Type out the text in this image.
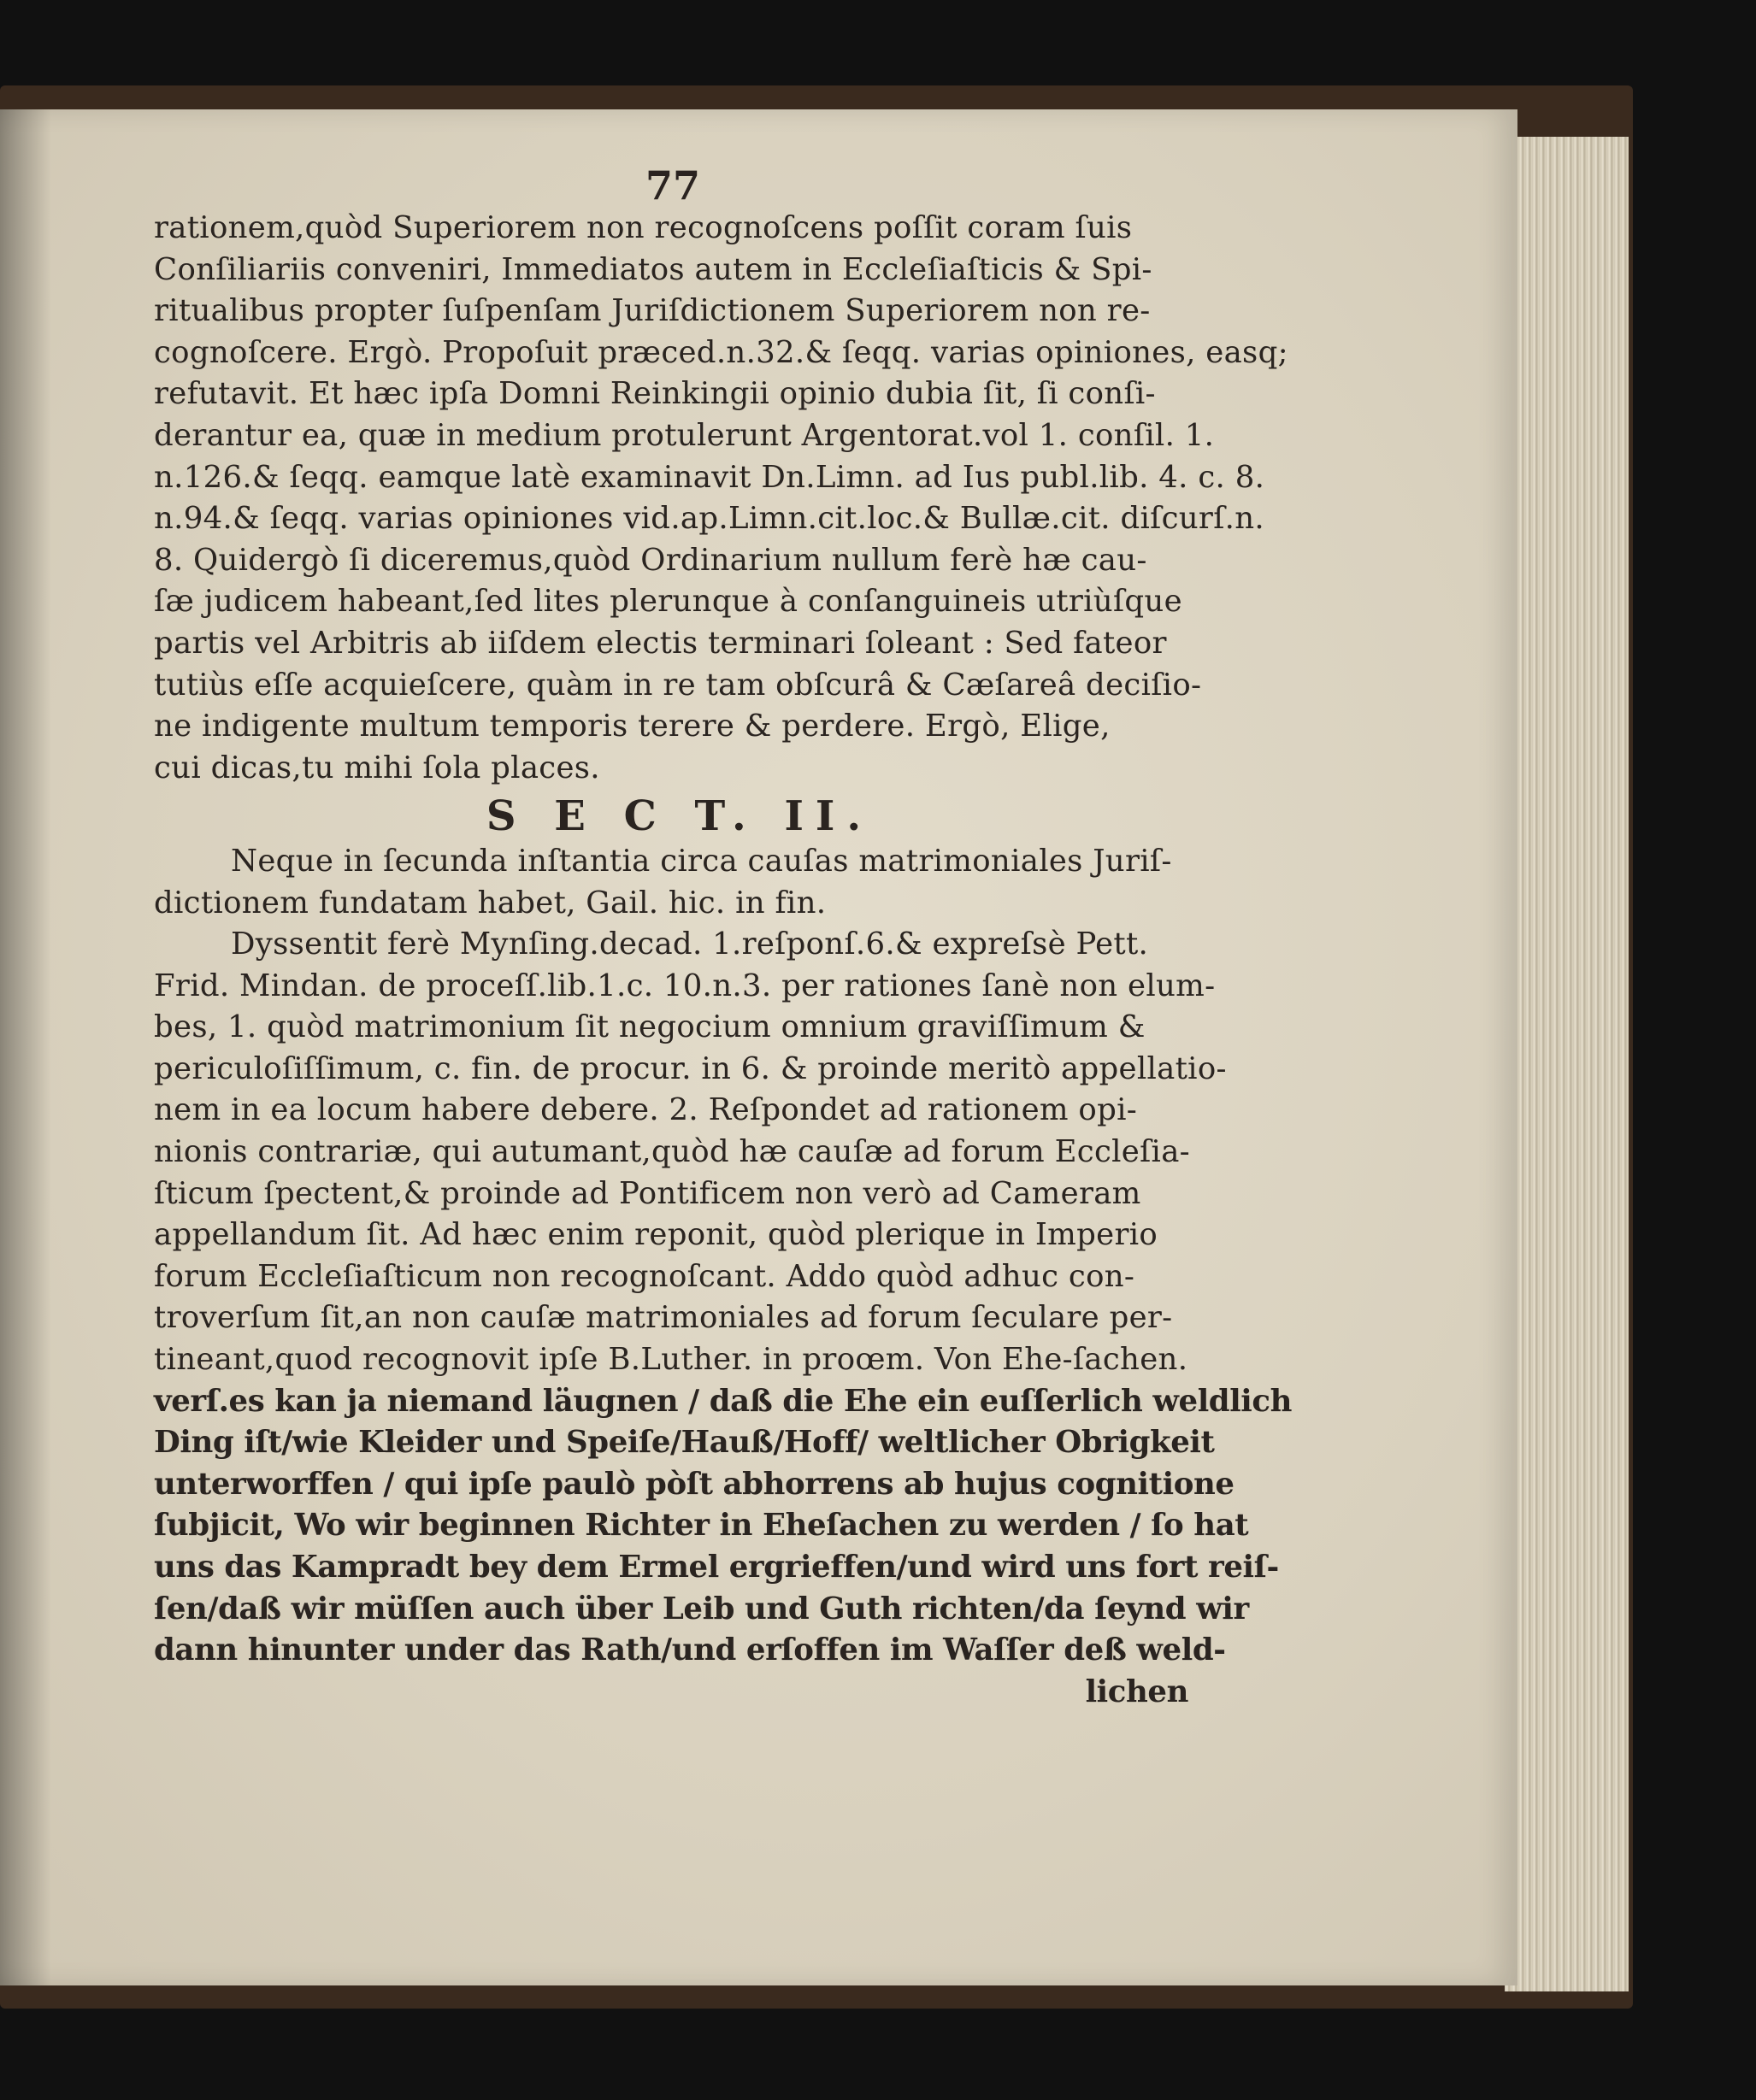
77
rationem,quòd Superiorem non recognoſcens poſſit coram ſuis
Conſiliariis conveniri, Immediatos autem in Eccleſiaſticis & Spi-
ritualibus propter ſuſpenſam Juriſdictionem Superiorem non re-
cognoſcere. Ergò. Propoſuit præced.n.32.& ſeqq. varias opiniones, easq;
refutavit. Et hæc ipſa Domni Reinkingii opinio dubia ſit, ſi conſi-
derantur ea, quæ in medium protulerunt Argentorat.vol 1. conſil. 1.
n.126.& ſeqq. eamque latè examinavit Dn.Limn. ad Ius publ.lib. 4. c. 8.
n.94.& ſeqq. varias opiniones vid.ap.Limn.cit.loc.& Bullæ.cit. diſcurſ.n.
8. Quidergò ſi diceremus,quòd Ordinarium nullum ferè hæ cau-
ſæ judicem habeant,ſed lites plerunque à conſanguineis utriùſque
partis vel Arbitris ab iiſdem electis terminari ſoleant : Sed fateor
tutiùs eſſe acquieſcere, quàm in re tam obſcurâ & Cæſareâ deciſio-
ne indigente multum temporis terere & perdere. Ergò, Elige,
cui dicas,tu mihi ſola places.
S E C T. II.
Neque in ſecunda inſtantia circa cauſas matrimoniales Juriſ-
dictionem fundatam habet, Gail. hic. in fin.
Dyssentit ferè Mynſing.decad. 1.reſponſ.6.& expreſsè Pett.
Frid. Mindan. de proceſſ.lib.1.c. 10.n.3. per rationes ſanè non elum-
bes, 1. quòd matrimonium ſit negocium omnium graviſſimum &
periculoſiſſimum, c. fin. de procur. in 6. & proinde meritò appellatio-
nem in ea locum habere debere. 2. Reſpondet ad rationem opi-
nionis contrariæ, qui autumant,quòd hæ cauſæ ad forum Eccleſia-
ſticum ſpectent,& proinde ad Pontificem non verò ad Cameram
appellandum ſit. Ad hæc enim reponit, quòd plerique in Imperio
forum Eccleſiaſticum non recognoſcant. Addo quòd adhuc con-
troverſum ſit,an non cauſæ matrimoniales ad forum ſeculare per-
tineant,quod recognovit ipſe B.Luther. in proœm. Von Ehe-ſachen.
verſ.es kan ja niemand läugnen / daß die Ehe ein euſſerlich weldlich
Ding iſt/wie Kleider und Speiſe/Hauß/Hoff/ weltlicher Obrigkeit
unterworffen / qui ipſe paulò pòſt abhorrens ab hujus cognitione
ſubjicit, Wo wir beginnen Richter in Eheſachen zu werden / ſo hat
uns das Kampradt bey dem Ermel ergrieffen/und wird uns fort reiſ-
ſen/daß wir müſſen auch über Leib und Guth richten/da ſeynd wir
dann hinunter under das Rath/und erſoffen im Waſſer deß weld-
lichen
